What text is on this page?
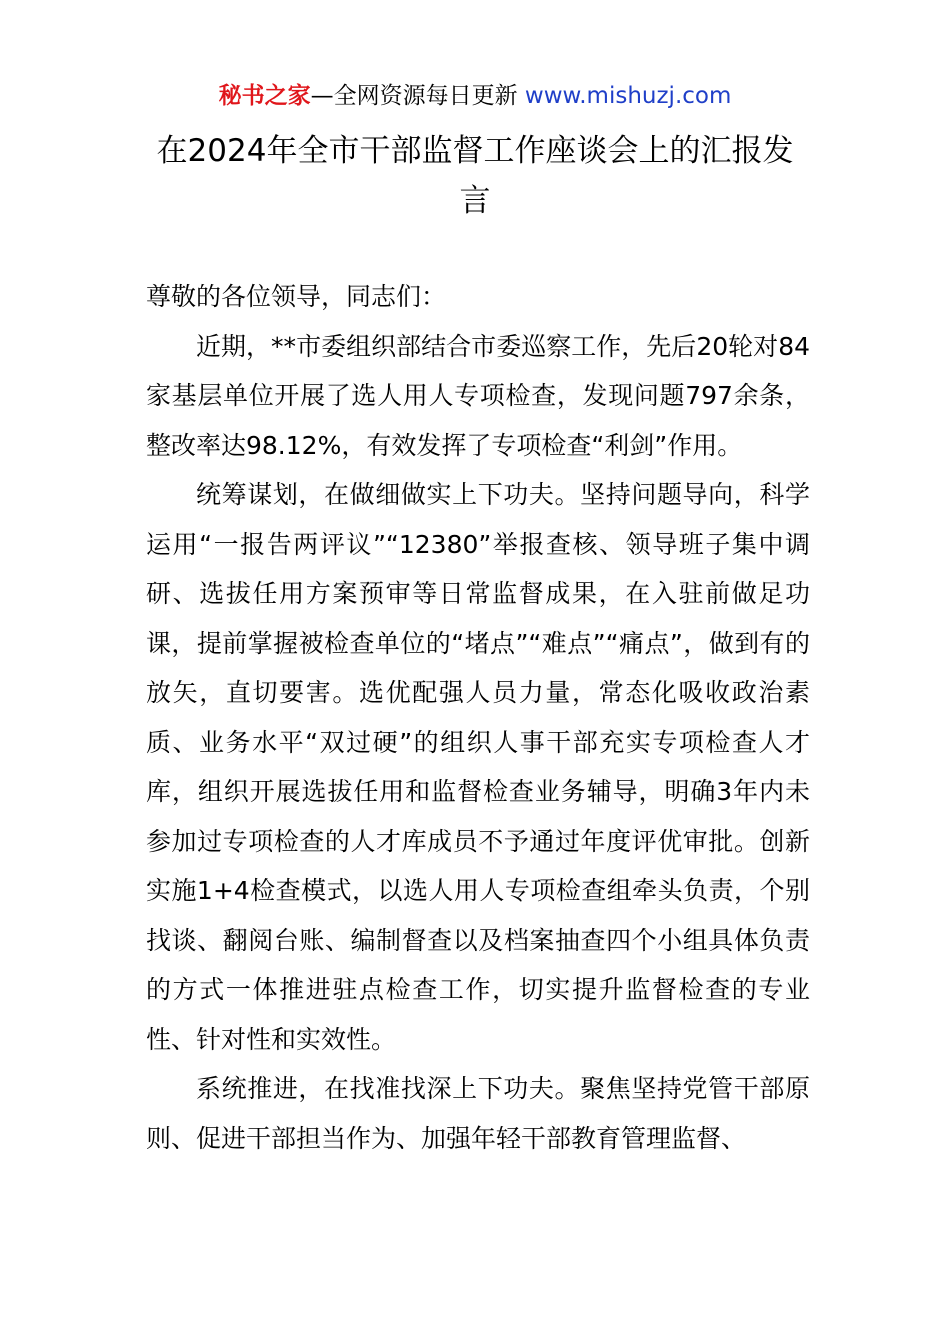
秘书之家—全网资源每日更新 www.mishuzj.com
在2024年全市干部监督工作座谈会上的汇报发言

尊敬的各位领导，同志们：

近期，**市委组织部结合市委巡察工作，先后20轮对84家基层单位开展了选人用人专项检查，发现问题797余条，整改率达98.12%，有效发挥了专项检查“利剑”作用。

统筹谋划，在做细做实上下功夫。坚持问题导向，科学运用“一报告两评议”“12380”举报查核、领导班子集中调研、选拔任用方案预审等日常监督成果，在入驻前做足功课，提前掌握被检查单位的“堵点”“难点”“痛点”，做到有的放矢，直切要害。选优配强人员力量，常态化吸收政治素质、业务水平“双过硬”的组织人事干部充实专项检查人才库，组织开展选拔任用和监督检查业务辅导，明确3年内未参加过专项检查的人才库成员不予通过年度评优审批。创新实施1+4检查模式，以选人用人专项检查组牵头负责，个别找谈、翻阅台账、编制督查以及档案抽查四个小组具体负责的方式一体推进驻点检查工作，切实提升监督检查的专业性、针对性和实效性。

系统推进，在找准找深上下功夫。聚焦坚持党管干部原则、促进干部担当作为、加强年轻干部教育管理监督、
